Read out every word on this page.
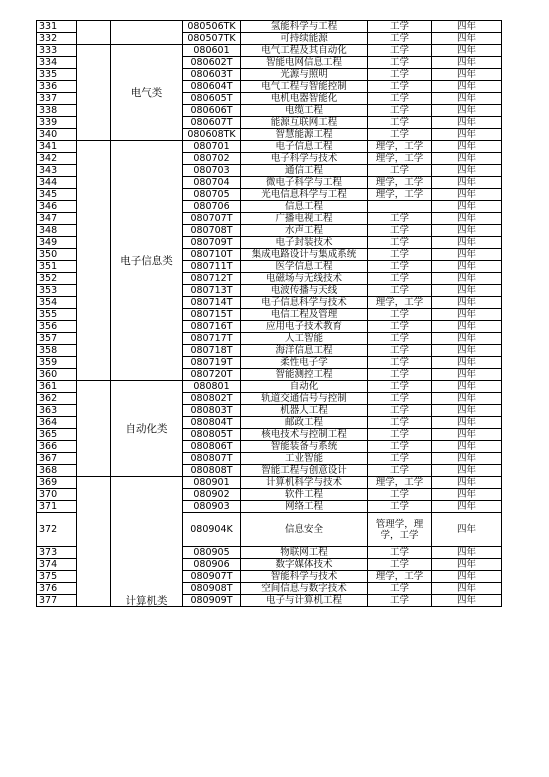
331			080506TK	氢能科学与工程	工学	四年
332			080507TK	可持续能源	工学	四年
333		电气类	080601	电气工程及其自动化	工学	四年
334			080602T	智能电网信息工程	工学	四年
335			080603T	光源与照明	工学	四年
336			080604T	电气工程与智能控制	工学	四年
337			080605T	电机电器智能化	工学	四年
338			080606T	电缆工程	工学	四年
339			080607T	能源互联网工程	工学	四年
340			080608TK	智慧能源工程	工学	四年
341		电子信息类	080701	电子信息工程	理学，工学	四年
342			080702	电子科学与技术	理学，工学	四年
343			080703	通信工程	工学	四年
344			080704	微电子科学与工程	理学，工学	四年
345			080705	光电信息科学与工程	理学，工学	四年
346			080706	信息工程		四年
347			080707T	广播电视工程	工学	四年
348			080708T	水声工程	工学	四年
349			080709T	电子封装技术	工学	四年
350			080710T	集成电路设计与集成系统	工学	四年
351			080711T	医学信息工程	工学	四年
352			080712T	电磁场与无线技术	工学	四年
353			080713T	电波传播与天线	工学	四年
354			080714T	电子信息科学与技术	理学，工学	四年
355			080715T	电信工程及管理	工学	四年
356			080716T	应用电子技术教育	工学	四年
357			080717T	人工智能	工学	四年
358			080718T	海洋信息工程	工学	四年
359			080719T	柔性电子学	工学	四年
360			080720T	智能测控工程	工学	四年
361		自动化类	080801	自动化	工学	四年
362			080802T	轨道交通信号与控制	工学	四年
363			080803T	机器人工程	工学	四年
364			080804T	邮政工程	工学	四年
365			080805T	核电技术与控制工程	工学	四年
366			080806T	智能装备与系统	工学	四年
367			080807T	工业智能	工学	四年
368			080808T	智能工程与创意设计	工学	四年
369		计算机类	080901	计算机科学与技术	理学，工学	四年
370			080902	软件工程	工学	四年
371			080903	网络工程	工学	四年
372			080904K	信息安全	管理学，理学，工学	四年
373			080905	物联网工程	工学	四年
374			080906	数字媒体技术	工学	四年
375			080907T	智能科学与技术	理学，工学	四年
376			080908T	空间信息与数字技术	工学	四年
377			080909T	电子与计算机工程	工学	四年
